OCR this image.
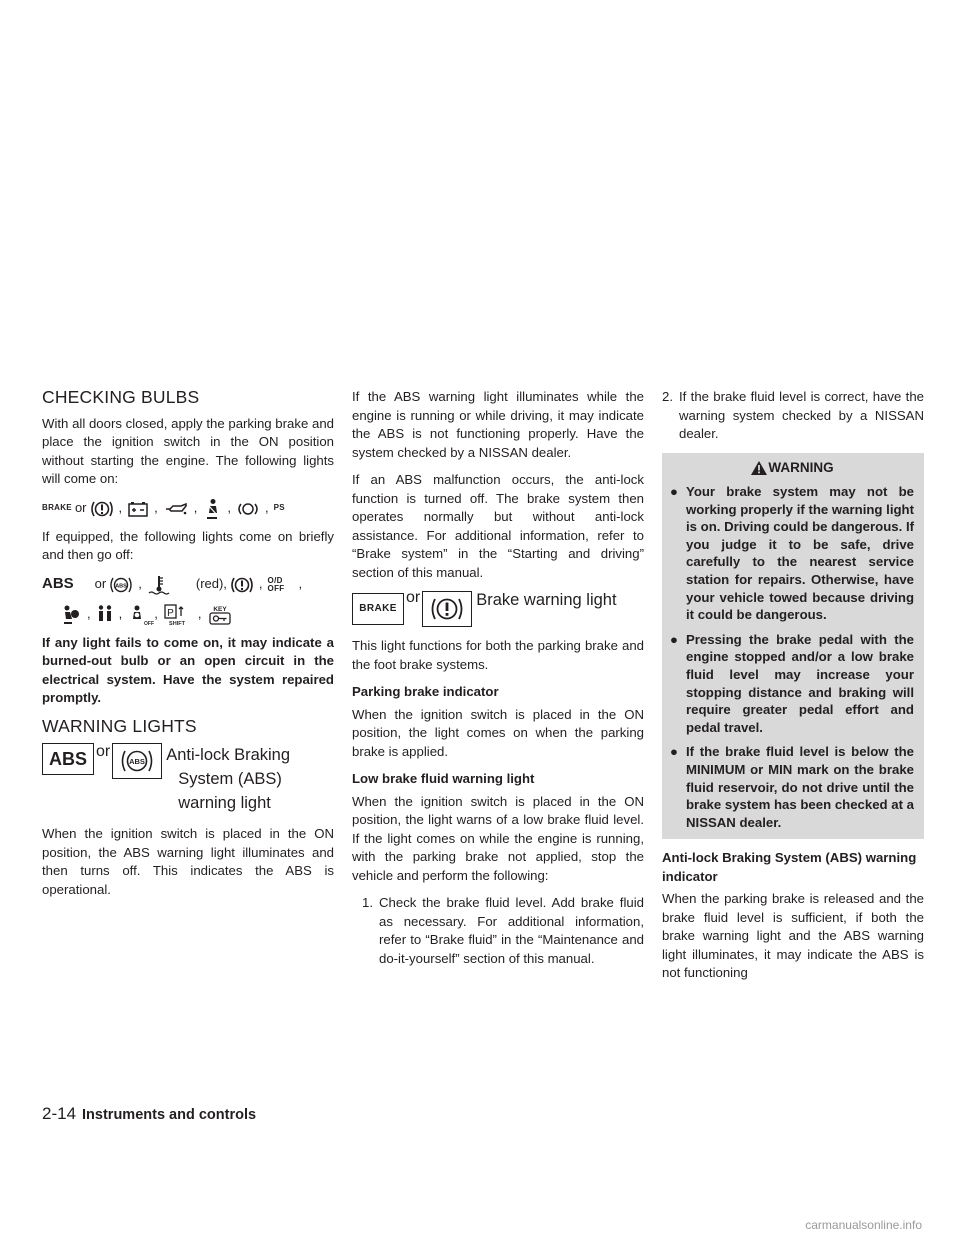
CHECKING BULBS

With all doors closed, apply the parking brake and place the ignition switch in the ON position without starting the engine. The following lights will come on:

BRAKE or , ,	, ,	, PS

If equipped, the following lights come on briefly and then go off:

ABS or ABS ,	(red), , O/D OFF	,
, ,
OFF
, P
SHIFT
, KEY

If any light fails to come on, it may indicate a burned-out bulb or an open circuit in the electrical system. Have the system repaired promptly.

WARNING LIGHTS
ABS or
ABS Anti-lock Braking
System (ABS)
warning light

When the ignition switch is placed in the ON position, the ABS warning light illuminates and then turns off. This indicates the ABS is operational.

If the ABS warning light illuminates while the engine is running or while driving, it may indicate the ABS is not functioning properly. Have the system checked by a NISSAN dealer.

If an ABS malfunction occurs, the anti-lock function is turned off. The brake system then operates normally but without anti-lock assistance. For additional information, refer to “Brake system” in the “Starting and driving” section of this manual.

BRAKE
or	Brake warning light

This light functions for both the parking brake and the foot brake systems.

Parking brake indicator

When the ignition switch is placed in the ON position, the light comes on when the parking brake is applied.

Low brake fluid warning light

When the ignition switch is placed in the ON position, the light warns of a low brake fluid level. If the light comes on while the engine is running, with the parking brake not applied, stop the vehicle and perform the following:

1. Check the brake fluid level. Add brake fluid as necessary. For additional information, refer to “Brake fluid” in the “Maintenance and do-it-yourself” section of this manual.
2. If the brake fluid level is correct, have the warning system checked by a NISSAN dealer.
WARNING
● Your brake system may not be working properly if the warning light is on. Driving could be dangerous. If you judge it to be safe, drive carefully to the nearest service station for repairs. Otherwise, have your vehicle towed because driving it could be dangerous.
● Pressing the brake pedal with the engine stopped and/or a low brake fluid level may increase your stopping distance and braking will require greater pedal effort and pedal travel.
● If the brake fluid level is below the MINIMUM or MIN mark on the brake fluid reservoir, do not drive until the brake system has been checked at a NISSAN dealer.
Anti-lock Braking System (ABS) warning indicator

When the parking brake is released and the brake fluid level is sufficient, if both the brake warning light and the ABS warning light illuminates, it may indicate the ABS is not functioning

2-14 Instruments and controls
carmanualsonline.info
